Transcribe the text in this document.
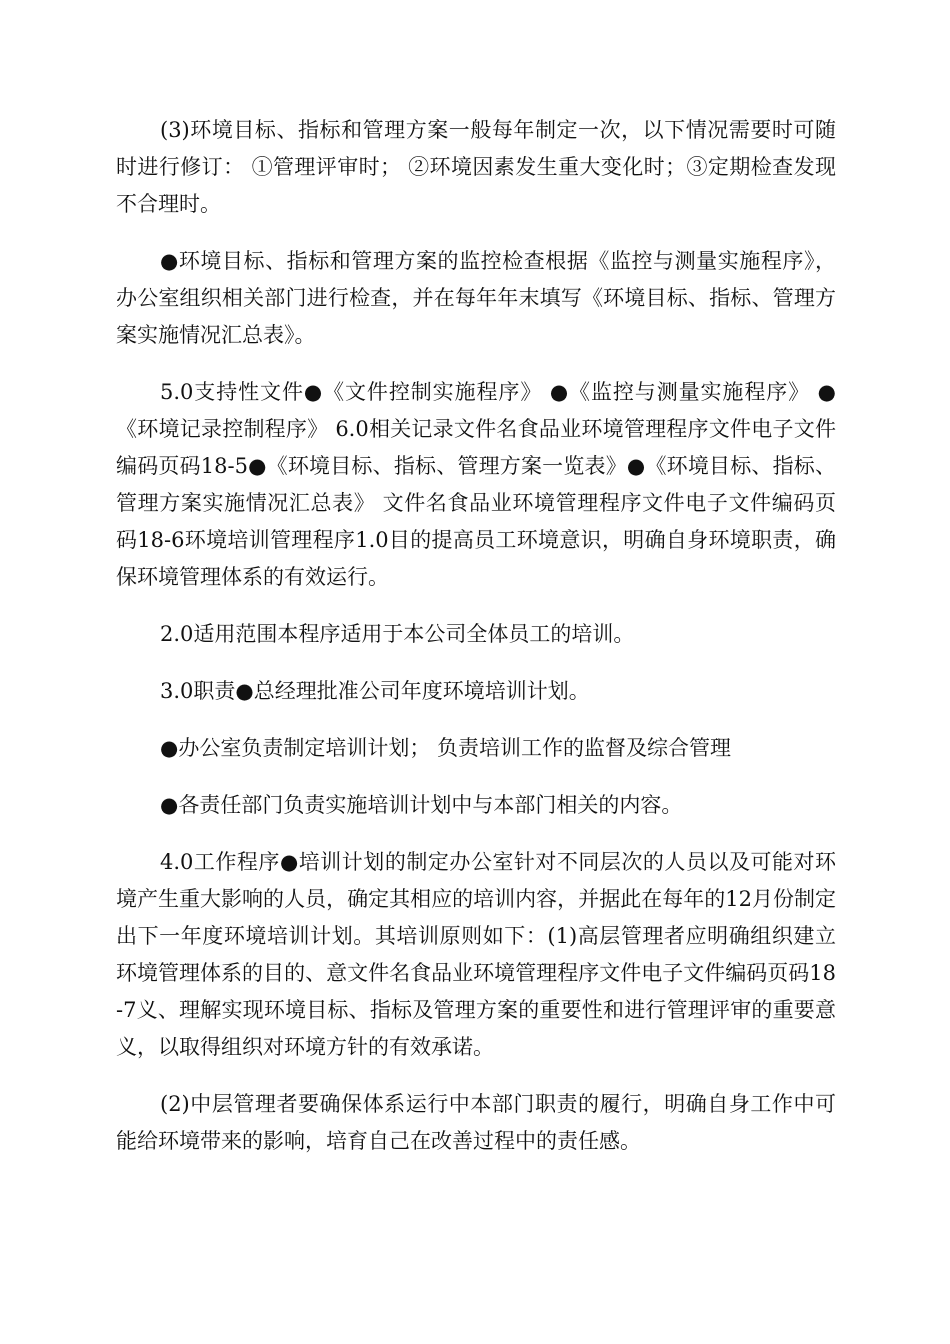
(3)环境目标、指标和管理方案一般每年制定一次，以下情况需要时可随时进行修订： ①管理评审时； ②环境因素发生重大变化时；③定期检查发现不合理时。

●环境目标、指标和管理方案的监控检查根据《监控与测量实施程序》，办公室组织相关部门进行检查，并在每年年末填写《环境目标、指标、管理方案实施情况汇总表》。

5.0支持性文件●《文件控制实施程序》 ●《监控与测量实施程序》 ●《环境记录控制程序》 6.0相关记录文件名食品业环境管理程序文件电子文件编码页码18-5●《环境目标、指标、管理方案一览表》●《环境目标、指标、管理方案实施情况汇总表》 文件名食品业环境管理程序文件电子文件编码页码18-6环境培训管理程序1.0目的提高员工环境意识，明确自身环境职责，确保环境管理体系的有效运行。

2.0适用范围本程序适用于本公司全体员工的培训。

3.0职责●总经理批准公司年度环境培训计划。

●办公室负责制定培训计划； 负责培训工作的监督及综合管理

●各责任部门负责实施培训计划中与本部门相关的内容。

4.0工作程序●培训计划的制定办公室针对不同层次的人员以及可能对环境产生重大影响的人员，确定其相应的培训内容，并据此在每年的12月份制定出下一年度环境培训计划。其培训原则如下：(1)高层管理者应明确组织建立环境管理体系的目的、意文件名食品业环境管理程序文件电子文件编码页码18-7义、理解实现环境目标、指标及管理方案的重要性和进行管理评审的重要意义，以取得组织对环境方针的有效承诺。

(2)中层管理者要确保体系运行中本部门职责的履行，明确自身工作中可能给环境带来的影响，培育自己在改善过程中的责任感。
